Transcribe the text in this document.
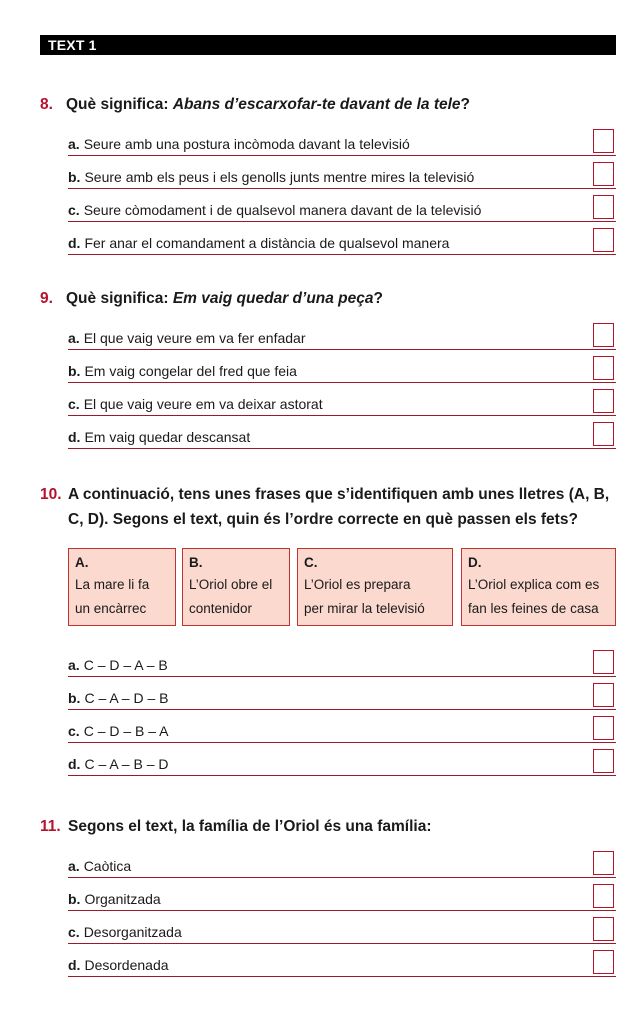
TEXT 1
8. Què significa: Abans d’escarxofar-te davant de la tele?
a. Seure amb una postura incòmoda davant la televisió
b. Seure amb els peus i els genolls junts mentre mires la televisió
c. Seure còmodament i de qualsevol manera davant de la televisió
d. Fer anar el comandament a distància de qualsevol manera
9. Què significa: Em vaig quedar d’una peça?
a. El que vaig veure em va fer enfadar
b. Em vaig congelar del fred que feia
c. El que vaig veure em va deixar astorat
d. Em vaig quedar descansat
10. A continuació, tens unes frases que s’identifiquen amb unes lletres (A, B,
C, D). Segons el text, quin és l’ordre correcte en què passen els fets?
A.
La mare li fa
un encàrrec
B.
L’Oriol obre el
contenidor
C.
L’Oriol es prepara
per mirar la televisió
D.
L’Oriol explica com es
fan les feines de casa
a. C – D – A – B
b. C – A – D – B
c. C – D – B – A
d. C – A – B – D
11. Segons el text, la família de l’Oriol és una família:
a. Caòtica
b. Organitzada
c. Desorganitzada
d. Desordenada
